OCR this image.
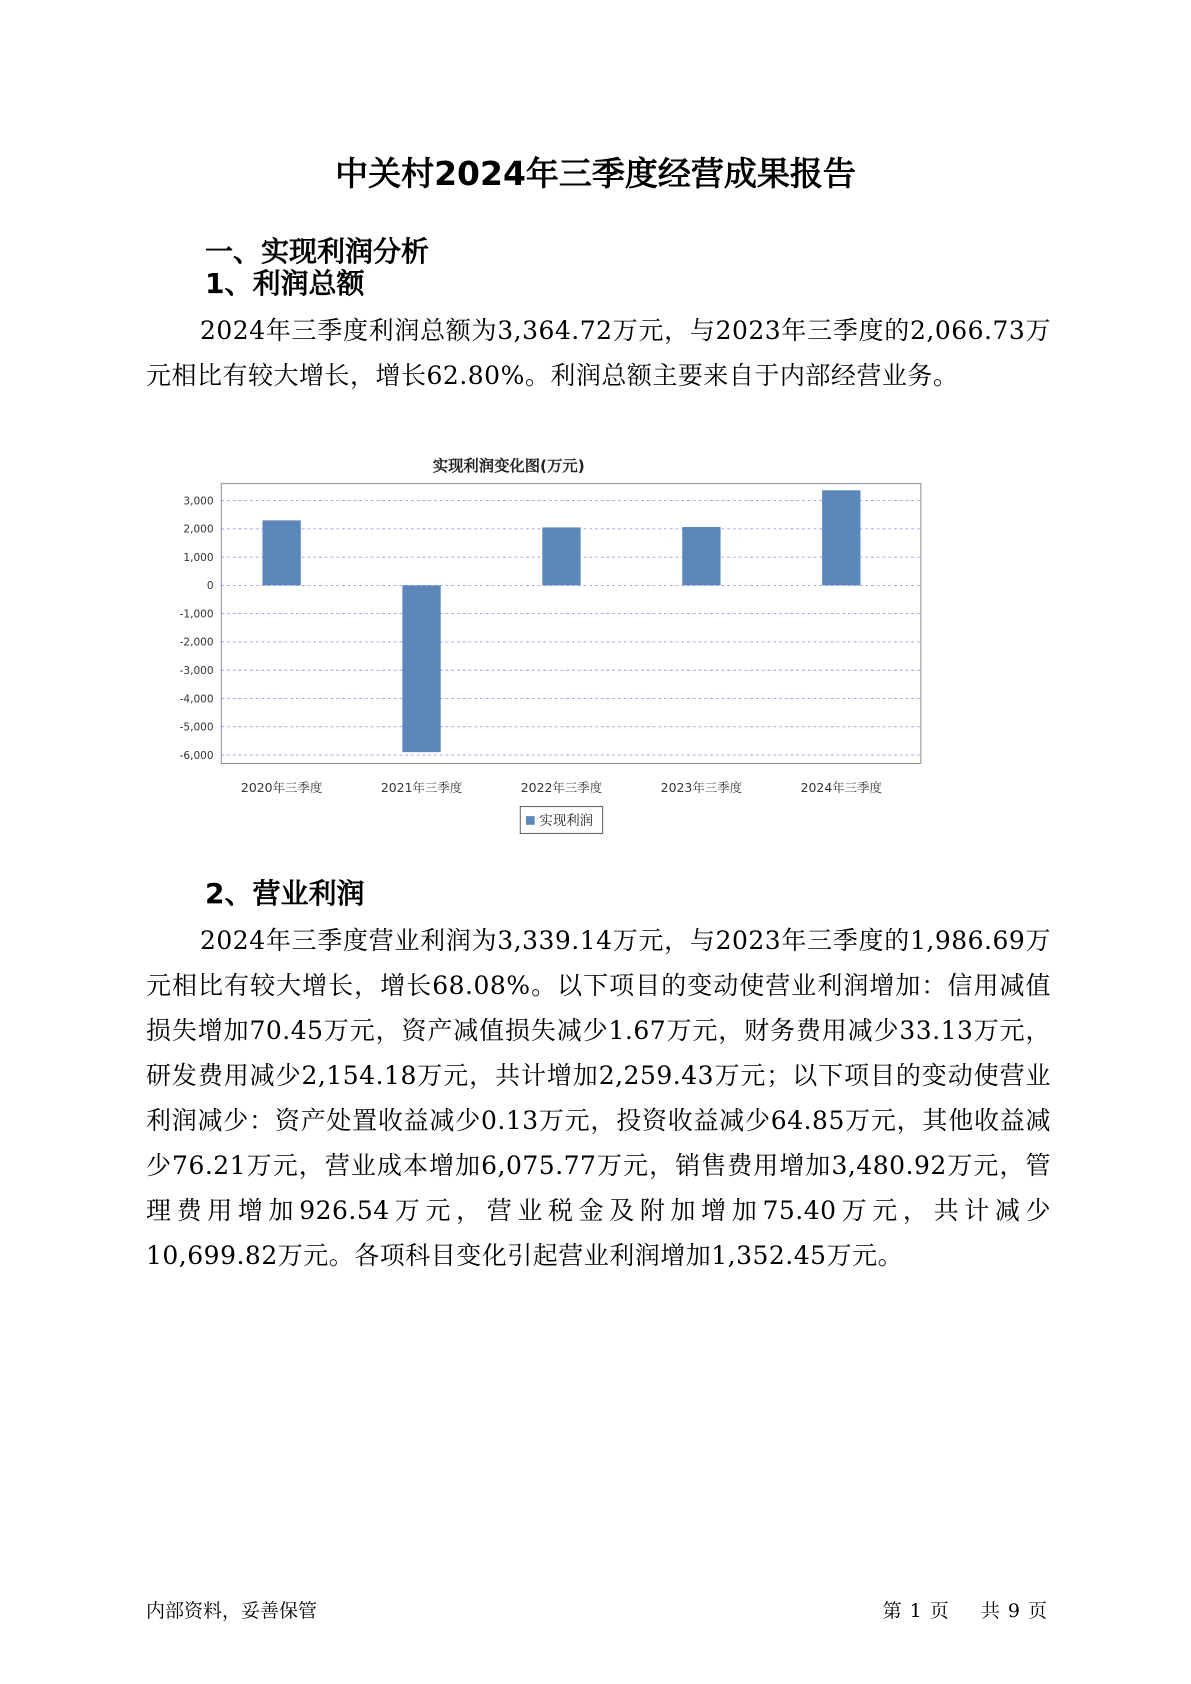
中关村2024年三季度经营成果报告
一、实现利润分析
1、利润总额

2024年三季度利润总额为3,364.72万元，与2023年三季度的2,066.73万元相比有较大增长，增长62.80%。利润总额主要来自于内部经营业务。

实现利润变化图(万元)
3,000
2,000
1,000
0
-1,000
-2,000
-3,000
-4,000
-5,000
-6,000
2020年三季度	2021年三季度	2022年三季度	2023年三季度	2024年三季度
实现利润
2、营业利润

2024年三季度营业利润为3,339.14万元，与2023年三季度的1,986.69万元相比有较大增长，增长68.08%。以下项目的变动使营业利润增加：信用减值损失增加70.45万元，资产减值损失减少1.67万元，财务费用减少33.13万元，研发费用减少2,154.18万元，共计增加2,259.43万元；以下项目的变动使营业利润减少：资产处置收益减少0.13万元，投资收益减少64.85万元，其他收益减少76.21万元，营业成本增加6,075.77万元，销售费用增加3,480.92万元，管理费用增加926.54万元，营业税金及附加增加75.40万元，共计减少10,699.82万元。各项科目变化引起营业利润增加1,352.45万元。

内部资料，妥善保管	第 1 页 共 9 页
